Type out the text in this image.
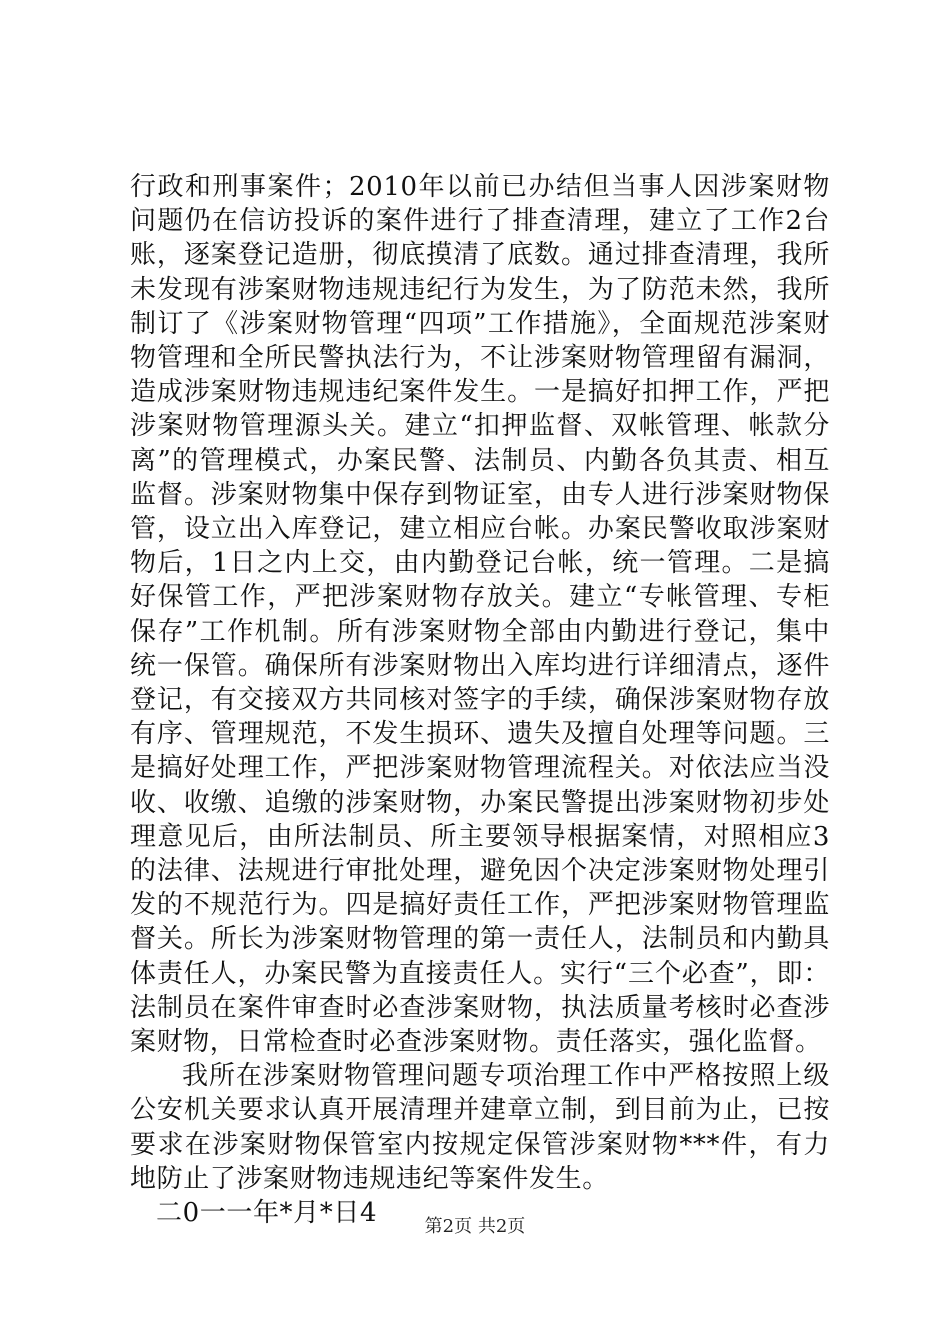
行政和刑事案件；2010年以前已办结但当事人因涉案财物问题仍在信访投诉的案件进行了排查清理，建立了工作2台账，逐案登记造册，彻底摸清了底数。通过排查清理，我所未发现有涉案财物违规违纪行为发生，为了防范未然，我所制订了《涉案财物管理“四项”工作措施》，全面规范涉案财物管理和全所民警执法行为，不让涉案财物管理留有漏洞，造成涉案财物违规违纪案件发生。一是搞好扣押工作，严把涉案财物管理源头关。建立“扣押监督、双帐管理、帐款分离”的管理模式，办案民警、法制员、内勤各负其责、相互监督。涉案财物集中保存到物证室，由专人进行涉案财物保管，设立出入库登记，建立相应台帐。办案民警收取涉案财物后，1日之内上交，由内勤登记台帐，统一管理。二是搞好保管工作，严把涉案财物存放关。建立“专帐管理、专柜保存”工作机制。所有涉案财物全部由内勤进行登记，集中统一保管。确保所有涉案财物出入库均进行详细清点，逐件登记，有交接双方共同核对签字的手续，确保涉案财物存放有序、管理规范，不发生损环、遗失及擅自处理等问题。三是搞好处理工作，严把涉案财物管理流程关。对依法应当没收、收缴、追缴的涉案财物，办案民警提出涉案财物初步处理意见后，由所法制员、所主要领导根据案情，对照相应3的法律、法规进行审批处理，避免因个决定涉案财物处理引发的不规范行为。四是搞好责任工作，严把涉案财物管理监督关。所长为涉案财物管理的第一责任人，法制员和内勤具体责任人，办案民警为直接责任人。实行“三个必查”，即：法制员在案件审查时必查涉案财物，执法质量考核时必查涉案财物，日常检查时必查涉案财物。责任落实，强化监督。

我所在涉案财物管理问题专项治理工作中严格按照上级公安机关要求认真开展清理并建章立制，到目前为止，已按要求在涉案财物保管室内按规定保管涉案财物***件，有力地防止了涉案财物违规违纪等案件发生。

二0一一年*月*日4	第2页 共2页
